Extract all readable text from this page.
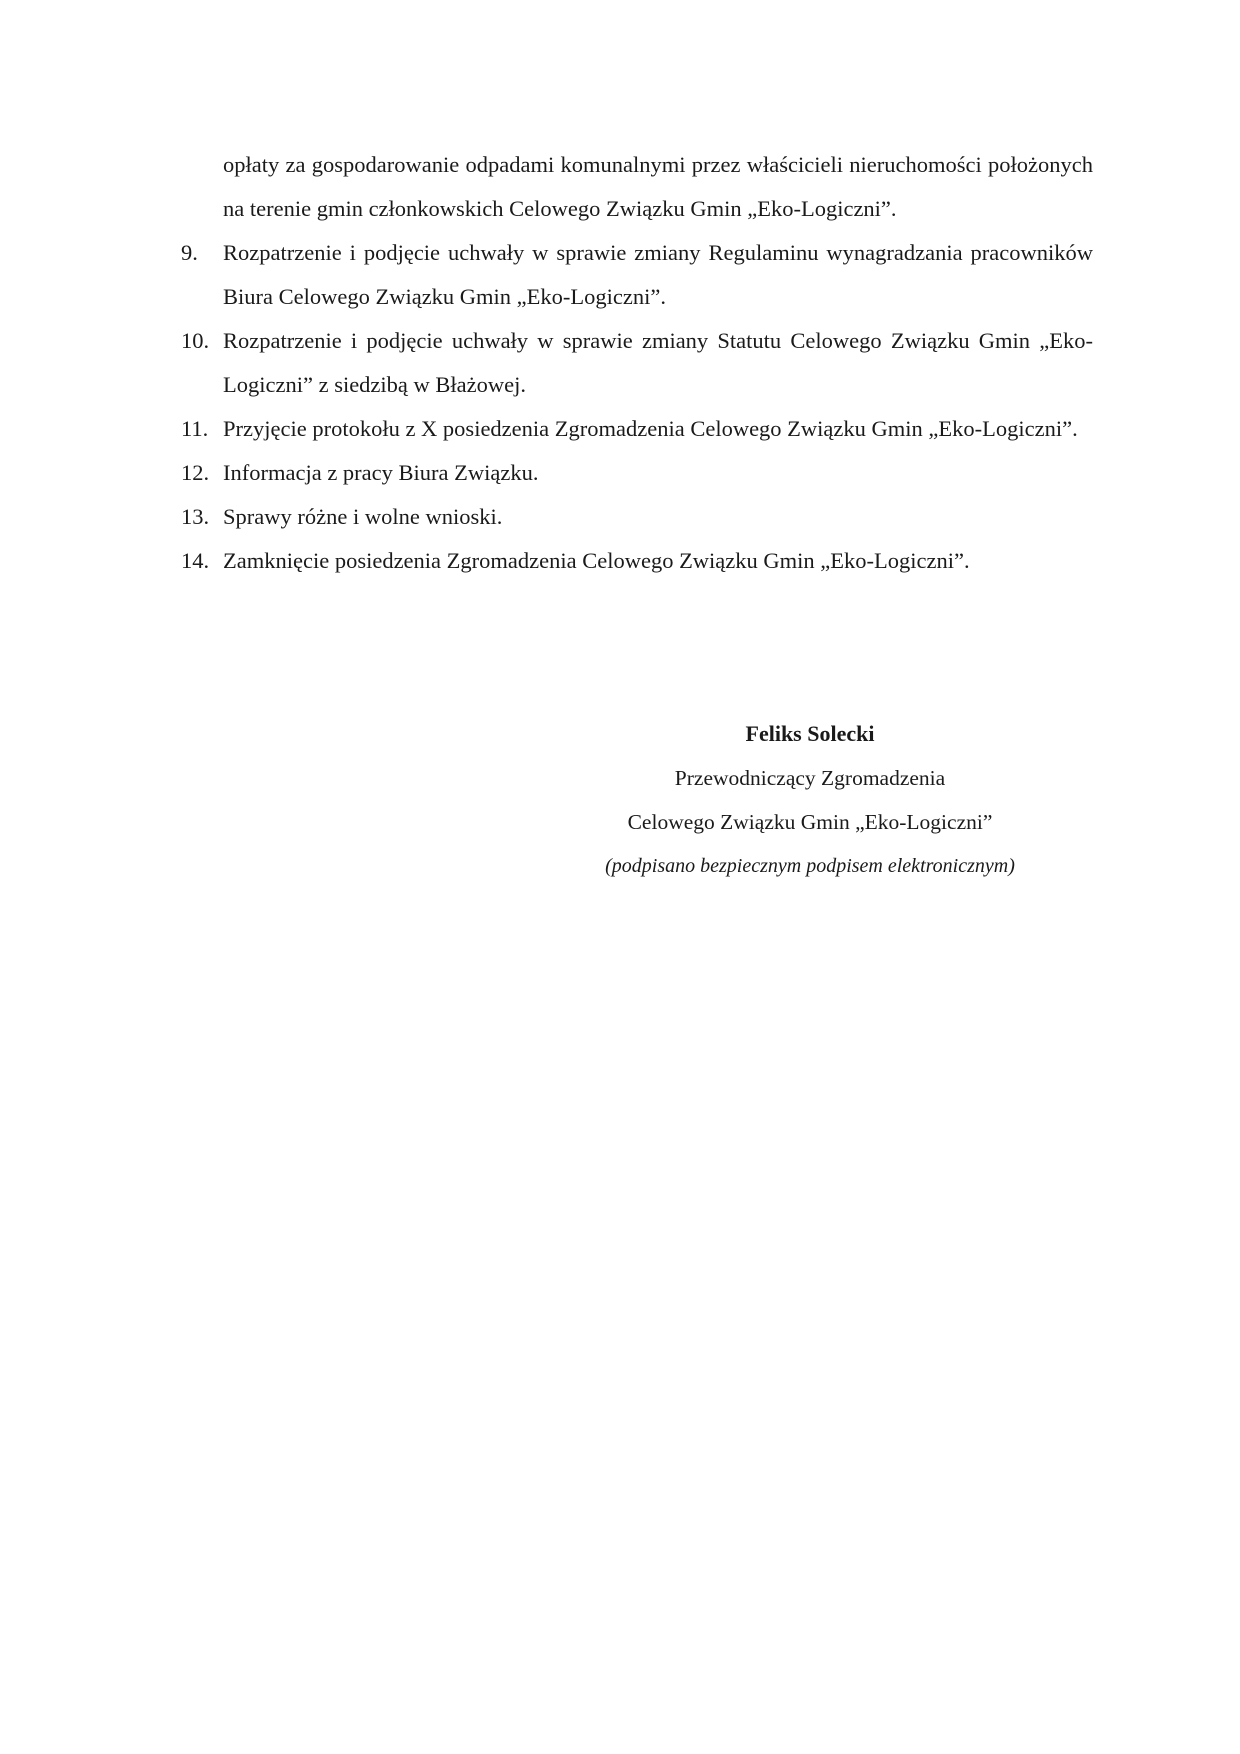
opłaty za gospodarowanie odpadami komunalnymi przez właścicieli nieruchomości położonych na terenie gmin członkowskich Celowego Związku Gmin „Eko-Logiczni”.
9.	Rozpatrzenie i podjęcie uchwały w sprawie zmiany Regulaminu wynagradzania pracowników Biura Celowego Związku Gmin „Eko-Logiczni”.
10. Rozpatrzenie i podjęcie uchwały w sprawie zmiany Statutu Celowego Związku Gmin „Eko-Logiczni” z siedzibą w Błażowej.
11. Przyjęcie protokołu z X posiedzenia Zgromadzenia Celowego Związku Gmin „Eko-Logiczni”.
12. Informacja z pracy Biura Związku.
13. Sprawy różne i wolne wnioski.
14. Zamknięcie posiedzenia Zgromadzenia Celowego Związku Gmin „Eko-Logiczni”.
Feliks Solecki
Przewodniczący Zgromadzenia
Celowego Związku Gmin „Eko-Logiczni”
(podpisano bezpiecznym podpisem elektronicznym)
